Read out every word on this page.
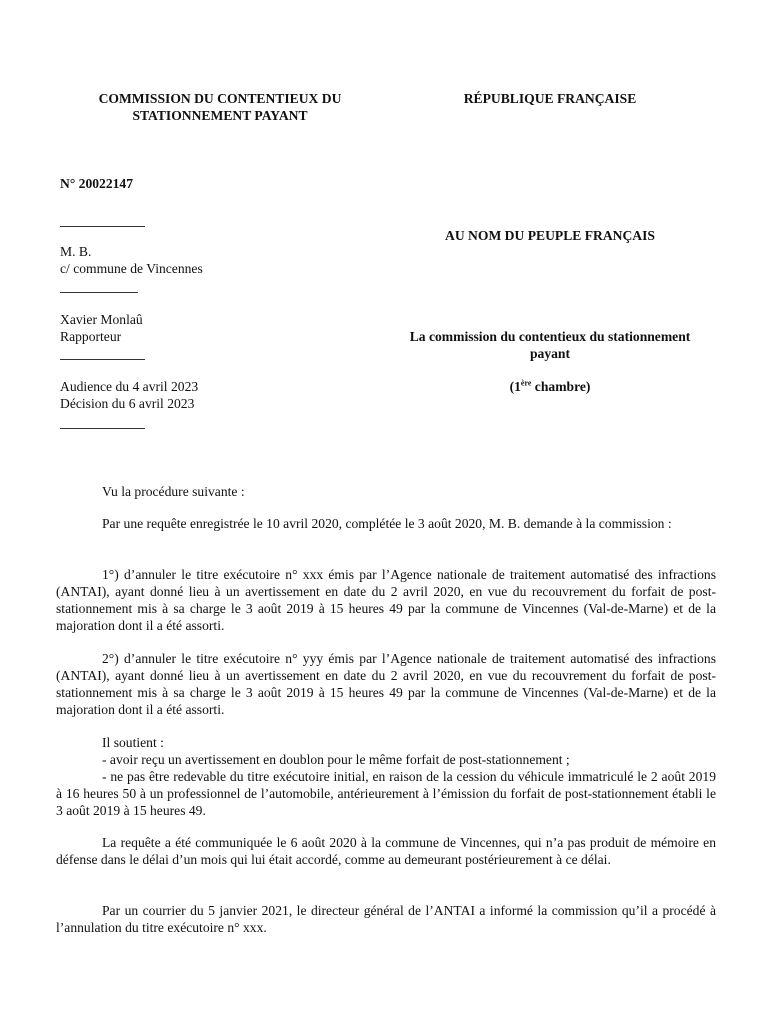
COMMISSION DU CONTENTIEUX DU
STATIONNEMENT PAYANT
RÉPUBLIQUE FRANÇAISE
N° 20022147
M. B.
c/ commune de Vincennes
Xavier Monlaû
Rapporteur
Audience du 4 avril 2023
Décision du 6 avril 2023
AU NOM DU PEUPLE FRANÇAIS
La commission du contentieux du stationnement
payant
(1ère chambre)
Vu la procédure suivante :
Par une requête enregistrée le 10 avril 2020, complétée le 3 août 2020, M. B. demande à la commission :
1°) d’annuler le titre exécutoire n° xxx émis par l’Agence nationale de traitement automatisé des infractions (ANTAI), ayant donné lieu à un avertissement en date du 2 avril 2020, en vue du recouvrement du forfait de post-stationnement mis à sa charge le 3 août 2019 à 15 heures 49 par la commune de Vincennes (Val-de-Marne) et de la majoration dont il a été assorti.
2°) d’annuler le titre exécutoire n° yyy émis par l’Agence nationale de traitement automatisé des infractions (ANTAI), ayant donné lieu à un avertissement en date du 2 avril 2020, en vue du recouvrement du forfait de post-stationnement mis à sa charge le 3 août 2019 à 15 heures 49 par la commune de Vincennes (Val-de-Marne) et de la majoration dont il a été assorti.
Il soutient :
- avoir reçu un avertissement en doublon pour le même forfait de post-stationnement ;
- ne pas être redevable du titre exécutoire initial, en raison de la cession du véhicule immatriculé le 2 août 2019 à 16 heures 50 à un professionnel de l’automobile, antérieurement à l’émission du forfait de post-stationnement établi le 3 août 2019 à 15 heures 49.
La requête a été communiquée le 6 août 2020 à la commune de Vincennes, qui n’a pas produit de mémoire en défense dans le délai d’un mois qui lui était accordé, comme au demeurant postérieurement à ce délai.
Par un courrier du 5 janvier 2021, le directeur général de l’ANTAI a informé la commission qu’il a procédé à l’annulation du titre exécutoire n° xxx.
